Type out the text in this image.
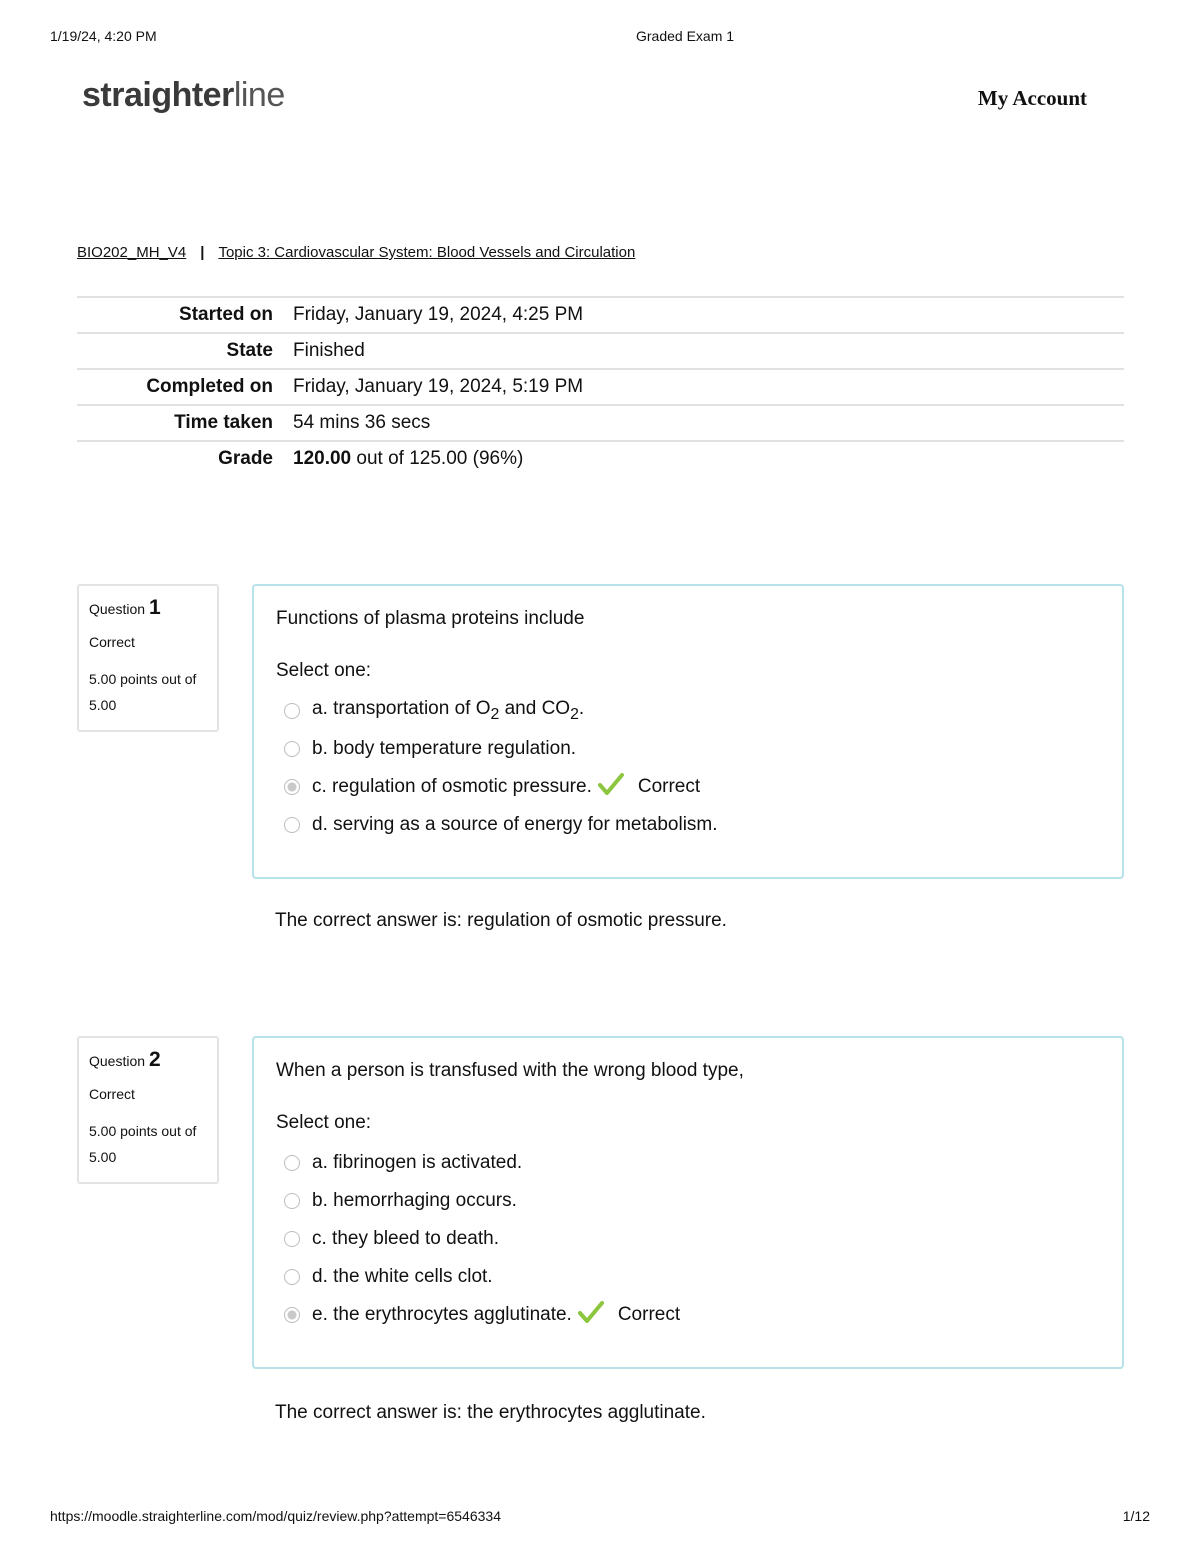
1/19/24, 4:20 PM	Graded Exam 1
straighterline	My Account
BIO202_MH_V4 | Topic 3: Cardiovascular System: Blood Vessels and Circulation
Started on	Friday, January 19, 2024, 4:25 PM
State	Finished
Completed on	Friday, January 19, 2024, 5:19 PM
Time taken	54 mins 36 secs
Grade	120.00 out of 125.00 (96%)
Question 1
Correct
5.00 points out of 5.00
Functions of plasma proteins include
Select one:
a. transportation of $O_2$ and $CO_2$.
b. body temperature regulation.
c. regulation of osmotic pressure. Correct
d. serving as a source of energy for metabolism.
The correct answer is: regulation of osmotic pressure.
Question 2
Correct
5.00 points out of 5.00
When a person is transfused with the wrong blood type,
Select one:
a. fibrinogen is activated.
b. hemorrhaging occurs.
c. they bleed to death.
d. the white cells clot.
e. the erythrocytes agglutinate. Correct
The correct answer is: the erythrocytes agglutinate.
https://moodle.straighterline.com/mod/quiz/review.php?attempt=6546334	1/12
